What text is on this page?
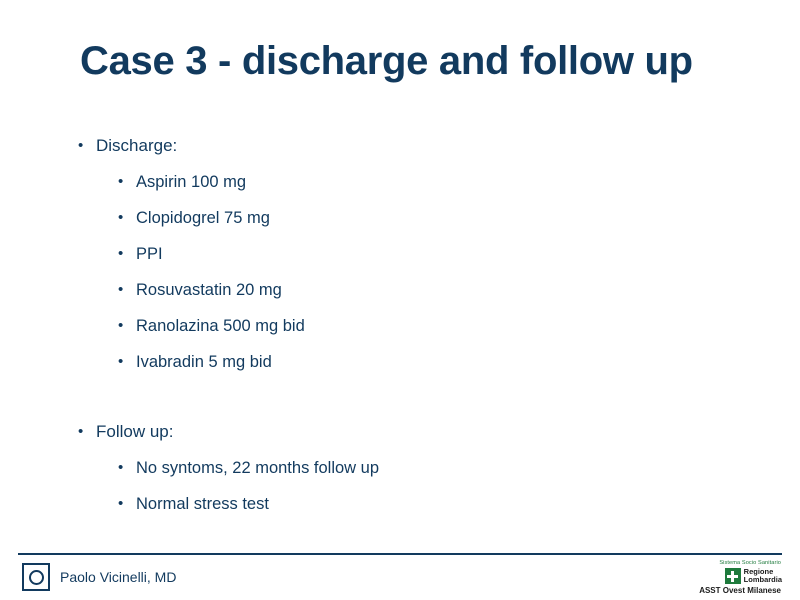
Case 3 - discharge and follow up
• Discharge:
• Aspirin 100 mg
• Clopidogrel 75 mg
• PPI
• Rosuvastatin 20 mg
• Ranolazina 500 mg bid
• Ivabradin 5 mg bid
• Follow up:
• No syntoms, 22 months follow up
• Normal stress test
Paolo Vicinelli, MD
Sistema Socio Sanitario
Regione
Lombardia
ASST Ovest Milanese
